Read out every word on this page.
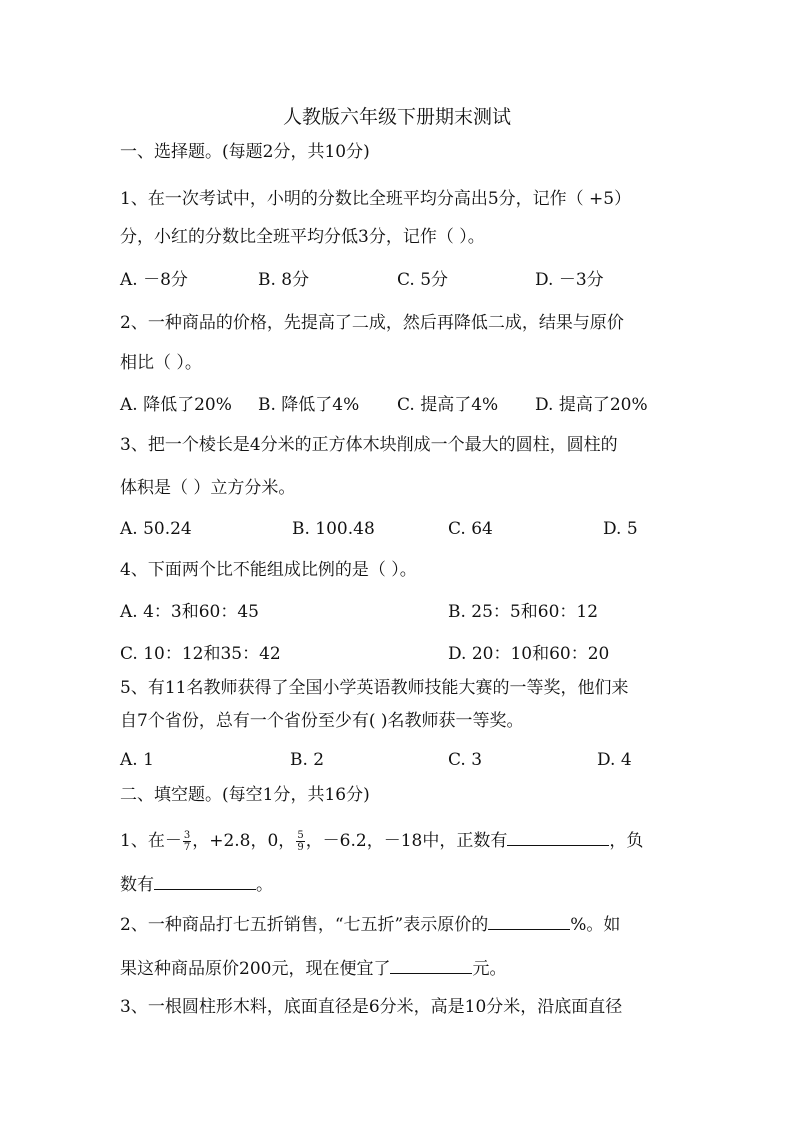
人教版六年级下册期末测试
一、选择题。(每题2分，共10分)
1、在一次考试中，小明的分数比全班平均分高出5分，记作（ +5）
分，小红的分数比全班平均分低3分，记作（ ）。
A. －8分	B. 8分	C. 5分	D. －3分
2、一种商品的价格，先提高了二成，然后再降低二成，结果与原价
相比（ ）。
A. 降低了20% B. 降低了4% C. 提高了4% D. 提高了20%
3、把一个棱长是4分米的正方体木块削成一个最大的圆柱，圆柱的
体积是（ ）立方分米。
A. 50.24	B. 100.48	C. 64	D. 5
4、下面两个比不能组成比例的是（ ）。
A. 4：3和60：45	B. 25：5和60：12
C. 10：12和35：42	D. 20：10和60：20
5、有11名教师获得了全国小学英语教师技能大赛的一等奖，他们来
自7个省份，总有一个省份至少有( )名教师获一等奖。
A. 1	B. 2	C. 3	D. 4
二、填空题。(每空1分，共16分)
1、在－ $\frac{3}{7}$ ，+2.8，0， $\frac{5}{9}$ ，－6.2，－18中，正数有	，负
数有	。
2、一种商品打七五折销售，“七五折”表示原价的	%。如
果这种商品原价200元，现在便宜了	元。
3、一根圆柱形木料，底面直径是6分米，高是10分米，沿底面直径
